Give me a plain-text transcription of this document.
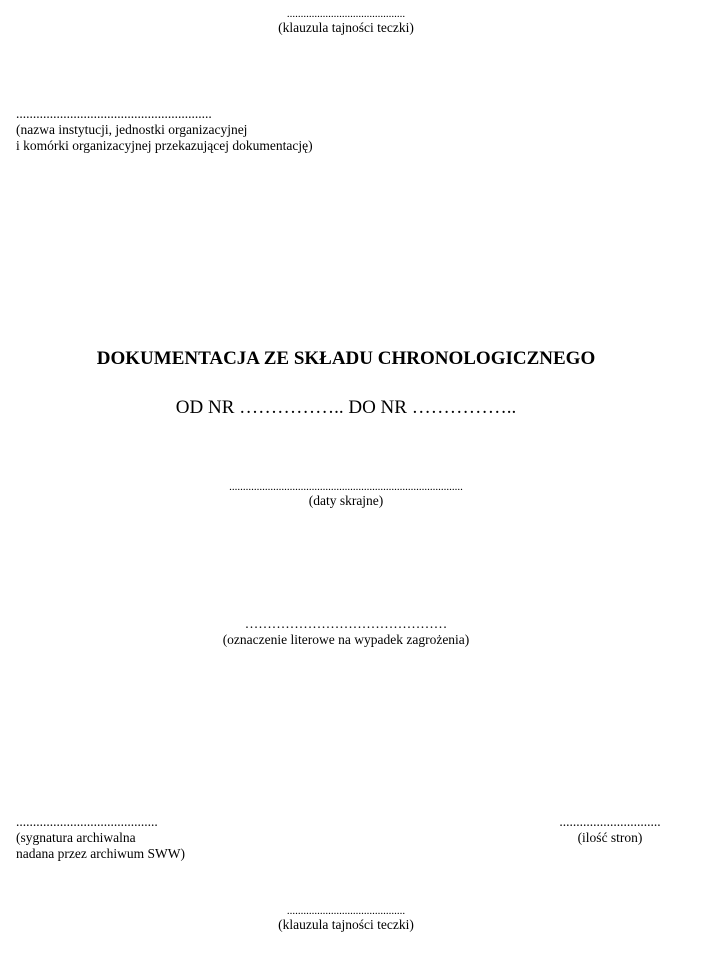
...........................................
(klauzula tajności teczki)
..........................................................
(nazwa instytucji, jednostki organizacyjnej
i komórki organizacyjnej przekazującej dokumentację)
DOKUMENTACJA ZE SKŁADU CHRONOLOGICZNEGO
OD NR …………….. DO NR ……………..
.....................................................................................
(daty skrajne)
………………………………………
(oznaczenie literowe na wypadek zagrożenia)
..........................................
(sygnatura archiwalna
nadana przez archiwum SWW)
..............................
(ilość stron)
...........................................
(klauzula tajności teczki)
